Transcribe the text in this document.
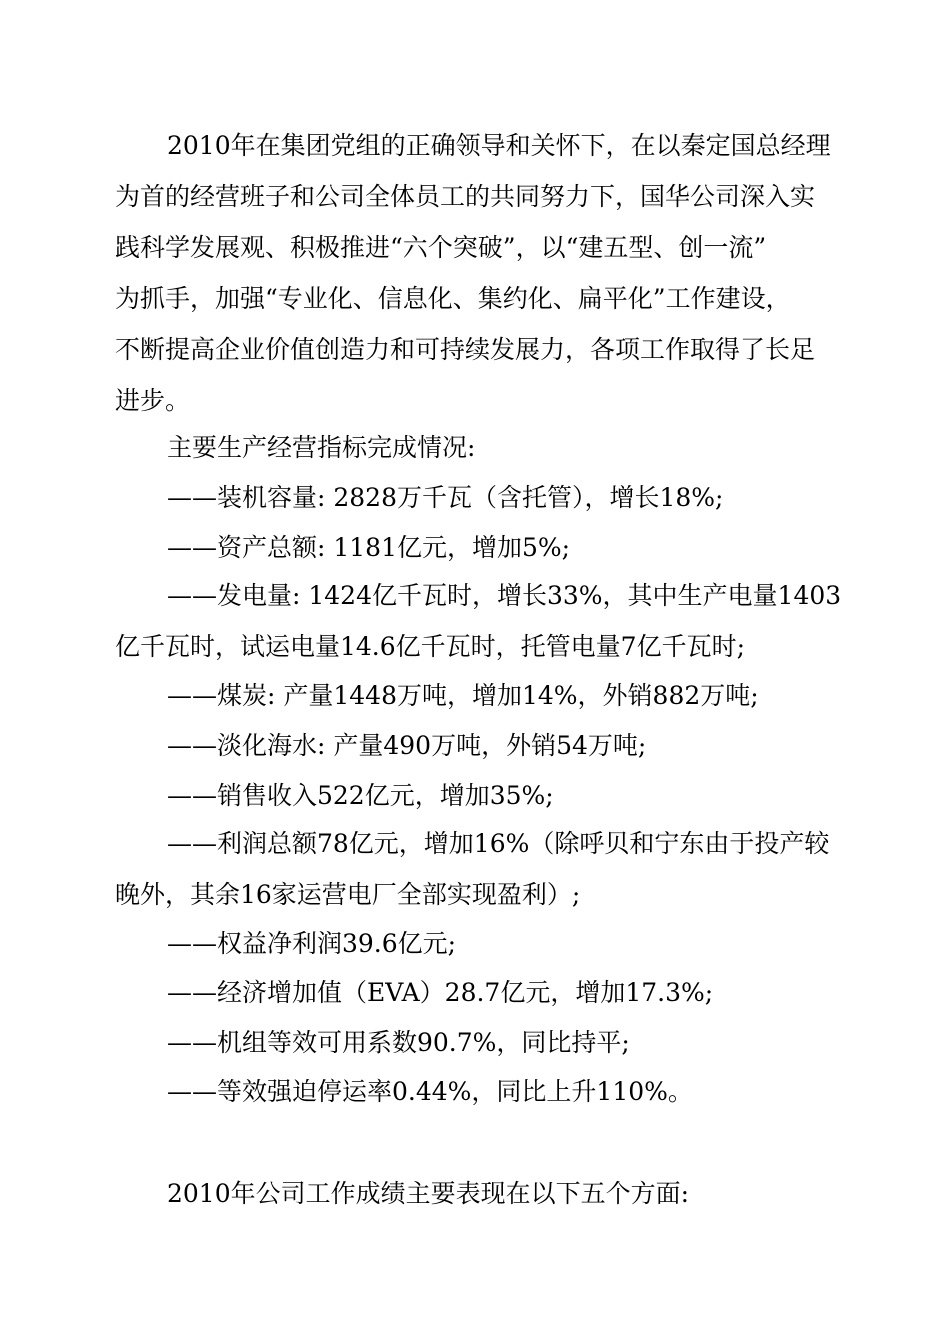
2010年在集团党组的正确领导和关怀下，在以秦定国总经理
为首的经营班子和公司全体员工的共同努力下，国华公司深入实
践科学发展观、积极推进“六个突破”，以“建五型、创一流”
为抓手，加强“专业化、信息化、集约化、扁平化”工作建设，
不断提高企业价值创造力和可持续发展力，各项工作取得了长足
进步。
主要生产经营指标完成情况:
——装机容量: 2828万千瓦（含托管），增长18%;
——资产总额: 1181亿元，增加5%;
——发电量: 1424亿千瓦时，增长33%，其中生产电量1403
亿千瓦时，试运电量14.6亿千瓦时，托管电量7亿千瓦时;
——煤炭: 产量1448万吨，增加14%，外销882万吨;
——淡化海水: 产量490万吨，外销54万吨;
——销售收入522亿元，增加35%;
——利润总额78亿元，增加16%（除呼贝和宁东由于投产较
晚外，其余16家运营电厂全部实现盈利）;
——权益净利润39.6亿元;
——经济增加值（EVA）28.7亿元，增加17.3%;
——机组等效可用系数90.7%，同比持平;
——等效强迫停运率0.44%，同比上升110%。
2010年公司工作成绩主要表现在以下五个方面:
